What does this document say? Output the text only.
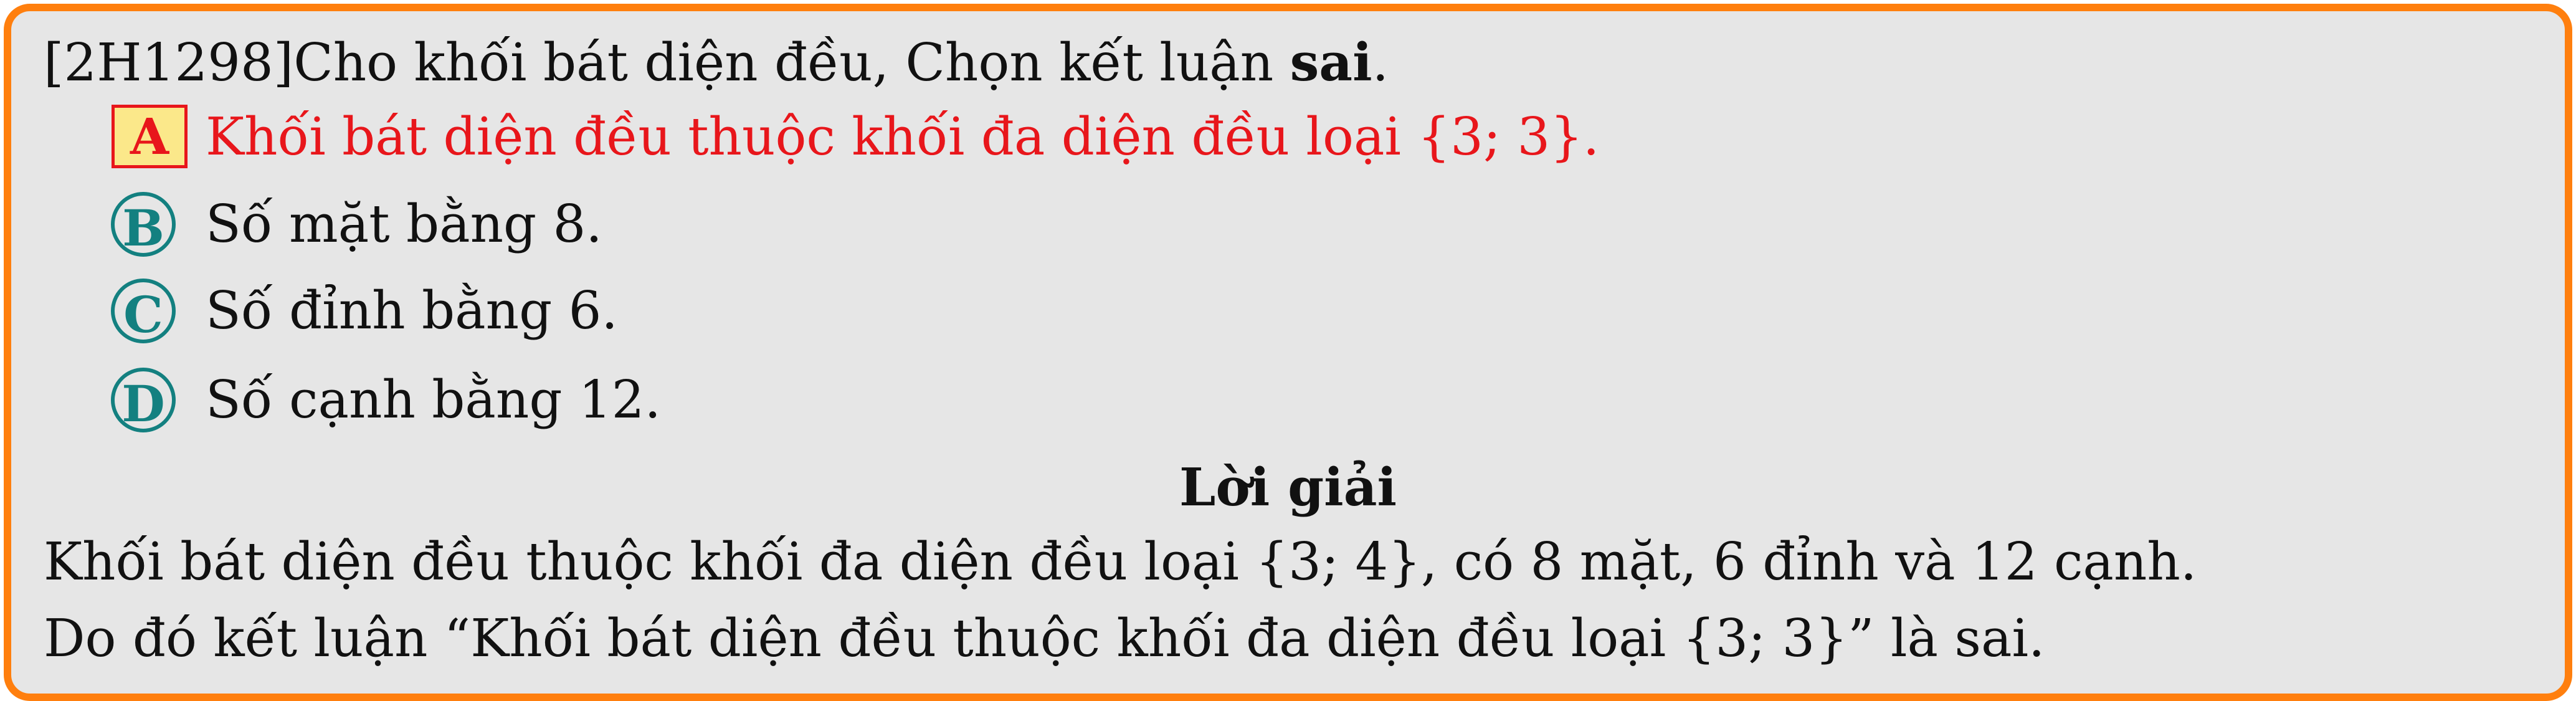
[2H1298]Cho khối bát diện đều, Chọn kết luận sai.
A Khối bát diện đều thuộc khối đa diện đều loại {3; 3}.
B Số mặt bằng 8.
C Số đỉnh bằng 6.
D Số cạnh bằng 12.
Lời giải
Khối bát diện đều thuộc khối đa diện đều loại {3; 4}, có 8 mặt, 6 đỉnh và 12 cạnh.
Do đó kết luận “Khối bát diện đều thuộc khối đa diện đều loại {3; 3}” là sai.
